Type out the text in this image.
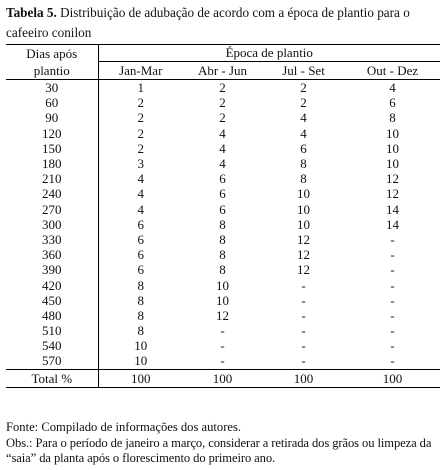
Tabela 5. Distribuição de adubação de acordo com a época de plantio para o cafeeiro conilon
Dias após	Época de plantio			
plantio	Jan-Mar	Abr - Jun	Jul - Set	Out - Dez
30	1	2	2	4
60	2	2	2	6
90	2	2	4	8
120	2	4	4	10
150	2	4	6	10
180	3	4	8	10
210	4	6	8	12
240	4	6	10	12
270	4	6	10	14
300	6	8	10	14
330	6	8	12	-
360	6	8	12	-
390	6	8	12	-
420	8	10	-	-
450	8	10	-	-
480	8	12	-	-
510	8	-	-	-
540	10	-	-	-
570	10	-	-	-
Total %	100	100	100	100

Fonte: Compilado de informações dos autores.

Obs.: Para o período de janeiro a março, considerar a retirada dos grãos ou limpeza da “saia” da planta após o florescimento do primeiro ano.
